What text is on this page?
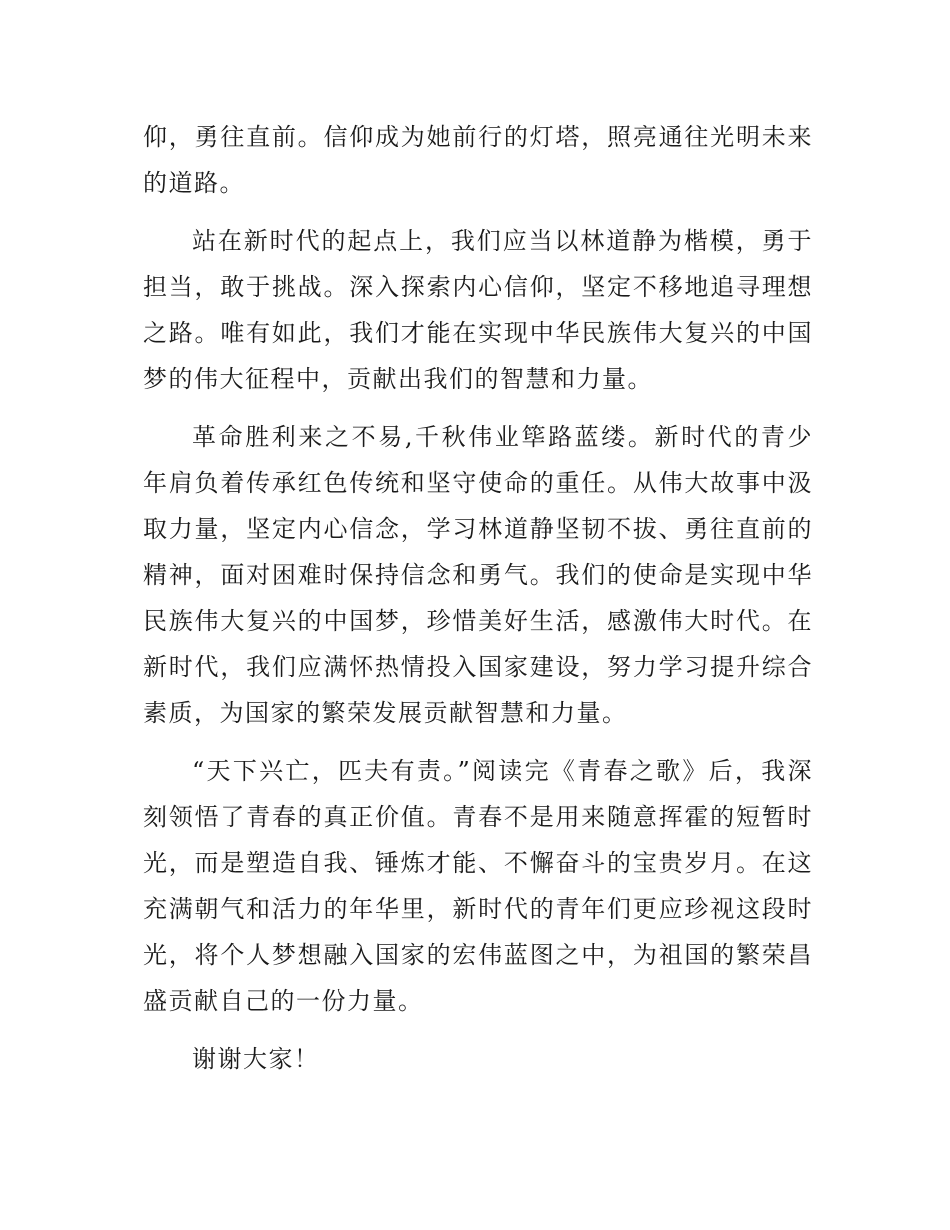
仰，勇往直前。信仰成为她前行的灯塔，照亮通往光明未来的道路。

站在新时代的起点上，我们应当以林道静为楷模，勇于担当，敢于挑战。深入探索内心信仰，坚定不移地追寻理想之路。唯有如此，我们才能在实现中华民族伟大复兴的中国梦的伟大征程中，贡献出我们的智慧和力量。

革命胜利来之不易,千秋伟业筚路蓝缕。新时代的青少年肩负着传承红色传统和坚守使命的重任。从伟大故事中汲取力量，坚定内心信念，学习林道静坚韧不拔、勇往直前的精神，面对困难时保持信念和勇气。我们的使命是实现中华民族伟大复兴的中国梦，珍惜美好生活，感激伟大时代。在新时代，我们应满怀热情投入国家建设，努力学习提升综合素质，为国家的繁荣发展贡献智慧和力量。

“天下兴亡，匹夫有责。”阅读完《青春之歌》后，我深刻领悟了青春的真正价值。青春不是用来随意挥霍的短暂时光，而是塑造自我、锤炼才能、不懈奋斗的宝贵岁月。在这充满朝气和活力的年华里，新时代的青年们更应珍视这段时光，将个人梦想融入国家的宏伟蓝图之中，为祖国的繁荣昌盛贡献自己的一份力量。

谢谢大家！
